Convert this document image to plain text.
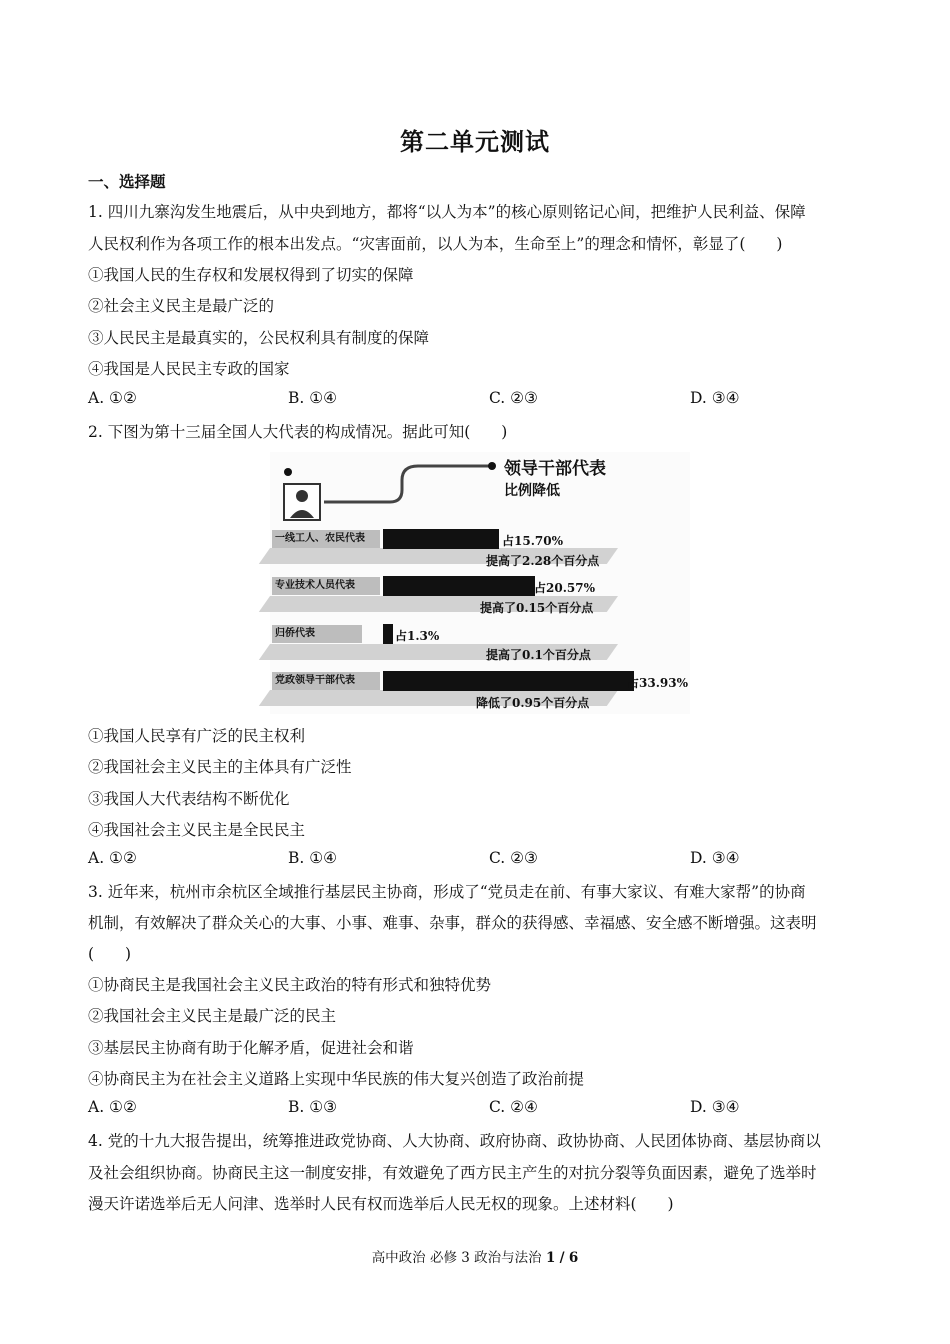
第二单元测试
一、选择题
1. 四川九寨沟发生地震后，从中央到地方，都将“以人为本”的核心原则铭记心间，把维护人民利益、保障
人民权利作为各项工作的根本出发点。“灾害面前，以人为本，生命至上”的理念和情怀，彰显了(　　)
①我国人民的生存权和发展权得到了切实的保障
②社会主义民主是最广泛的
③人民民主是最真实的，公民权利具有制度的保障
④我国是人民民主专政的国家
A. ①②	B. ①④	C. ②③	D. ③④
2. 下图为第十三届全国人大代表的构成情况。据此可知(　　)
领导干部代表
比例降低
一线工人、农民代表	占15.70%
提高了2.28个百分点
专业技术人员代表	占20.57%
提高了0.15个百分点
归侨代表	占1.3%
提高了0.1个百分点
党政领导干部代表	占33.93%
降低了0.95个百分点
①我国人民享有广泛的民主权利
②我国社会主义民主的主体具有广泛性
③我国人大代表结构不断优化
④我国社会主义民主是全民民主
A. ①②	B. ①④	C. ②③	D. ③④
3. 近年来，杭州市余杭区全域推行基层民主协商，形成了“党员走在前、有事大家议、有难大家帮”的协商
机制，有效解决了群众关心的大事、小事、难事、杂事，群众的获得感、幸福感、安全感不断增强。这表明
(　　)
①协商民主是我国社会主义民主政治的特有形式和独特优势
②我国社会主义民主是最广泛的民主
③基层民主协商有助于化解矛盾，促进社会和谐
④协商民主为在社会主义道路上实现中华民族的伟大复兴创造了政治前提
A. ①②	B. ①③	C. ②④	D. ③④
4. 党的十九大报告提出，统筹推进政党协商、人大协商、政府协商、政协协商、人民团体协商、基层协商以
及社会组织协商。协商民主这一制度安排，有效避免了西方民主产生的对抗分裂等负面因素，避免了选举时
漫天许诺选举后无人问津、选举时人民有权而选举后人民无权的现象。上述材料(　　)
高中政治 必修 3 政治与法治 1 / 6
